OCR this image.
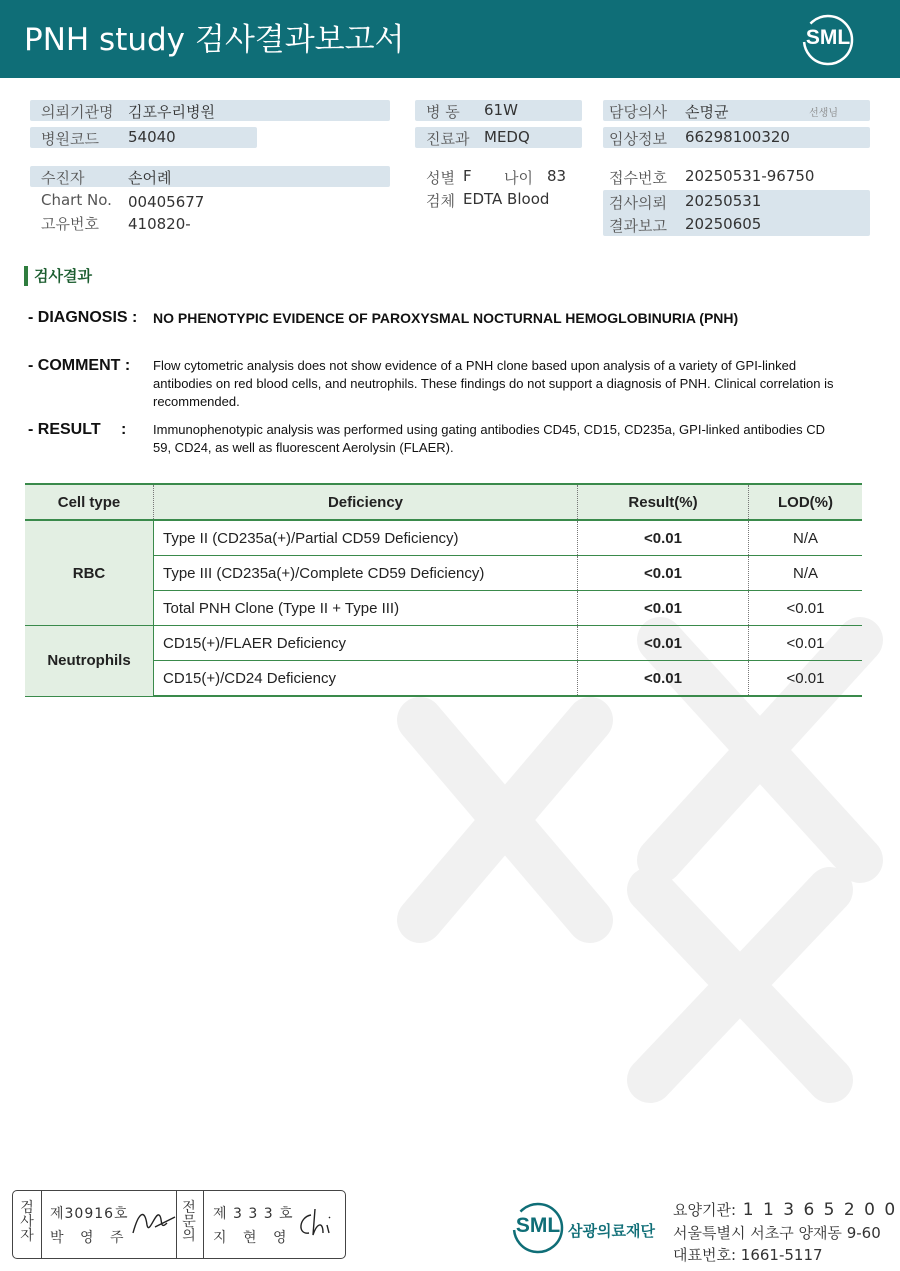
PNH study 검사결과보고서	SML
의뢰기관명 김포우리병원
병원코드 54040
병 동 61W
진료과 MEDQ
담당의사 손명균	선생님
임상정보 66298100320
수진자	손어례
Chart No. 00405677
고유번호 410820-
성별 F 나이 83
검체 EDTA Blood
접수번호 20250531-96750
검사의뢰 20250531
결과보고 20250605
검사결과
- DIAGNOSIS : NO PHENOTYPIC EVIDENCE OF PAROXYSMAL NOCTURNAL HEMOGLOBINURIA (PNH)
- COMMENT : Flow cytometric analysis does not show evidence of a PNH clone based upon analysis of a variety of GPI-linked antibodies on red blood cells, and neutrophils. These findings do not support a diagnosis of PNH. Clinical correlation is recommended.
- RESULT : Immunophenotypic analysis was performed using gating antibodies CD45, CD15, CD235a, GPI-linked antibodies CD
59, CD24, as well as fluorescent Aerolysin (FLAER).
Cell type	Deficiency	Result(%)	LOD(%)
RBC	Type II (CD235a(+)/Partial CD59 Deficiency)	<0.01	N/A
	Type III (CD235a(+)/Complete CD59 Deficiency)	<0.01	N/A
	Total PNH Clone (Type II + Type III)	<0.01	<0.01
Neutrophils	CD15(+)/FLAER Deficiency	<0.01	<0.01
	CD15(+)/CD24 Deficiency	<0.01	<0.01
검
사
자
제30916호
박 영 주
전
문
의
제 3 3 3 호
지 현 영
SML 삼광의료재단
요양기관: 1 1 3 6 5 2 0 0
서울특별시 서초구 양재동 9-60
대표번호: 1661-5117
